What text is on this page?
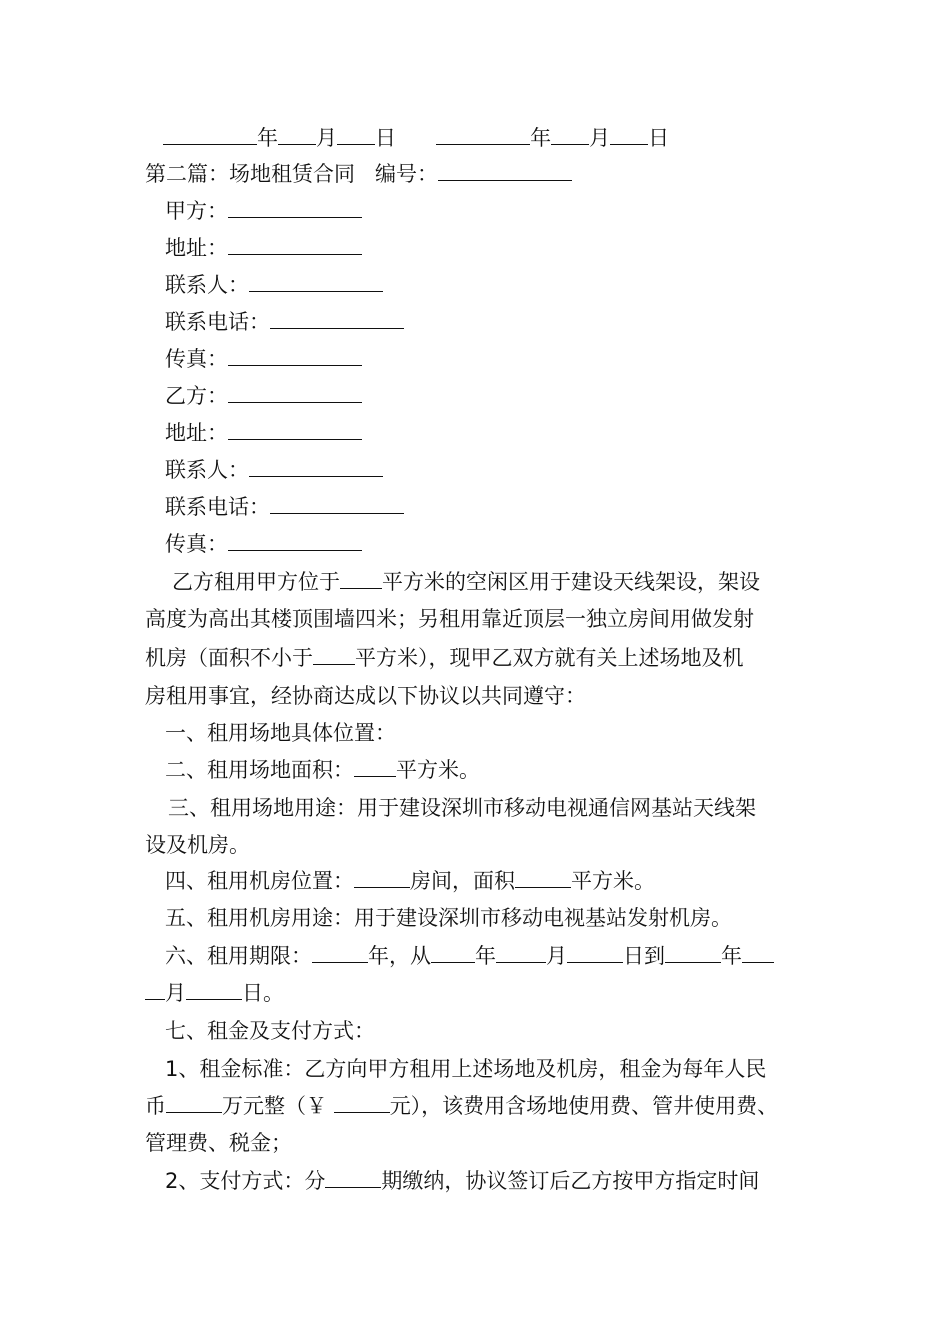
年 月 日	年 月 日
第二篇：场地租赁合同   编号：
甲方：
地址：
联系人：
联系电话：
传真：
乙方：
地址：
联系人：
联系电话：
传真：
乙方租用甲方位于 平方米的空闲区用于建设天线架设，架设
高度为高出其楼顶围墙四米；另租用靠近顶层一独立房间用做发射
机房（面积不小于 平方米），现甲乙双方就有关上述场地及机
房租用事宜，经协商达成以下协议以共同遵守：
一、租用场地具体位置：
二、租用场地面积： 平方米。
三、租用场地用途：用于建设深圳市移动电视通信网基站天线架
设及机房。
四、租用机房位置：	房间，面积	平方米。
五、租用机房用途：用于建设深圳市移动电视基站发射机房。
六、租用期限：	年，从 年 月	日到	年
月	日。
七、租金及支付方式：
1、租金标准：乙方向甲方租用上述场地及机房，租金为每年人民
币	万元整（￥	元），该费用含场地使用费、管井使用费、
管理费、税金；
2、支付方式：分	期缴纳，协议签订后乙方按甲方指定时间
